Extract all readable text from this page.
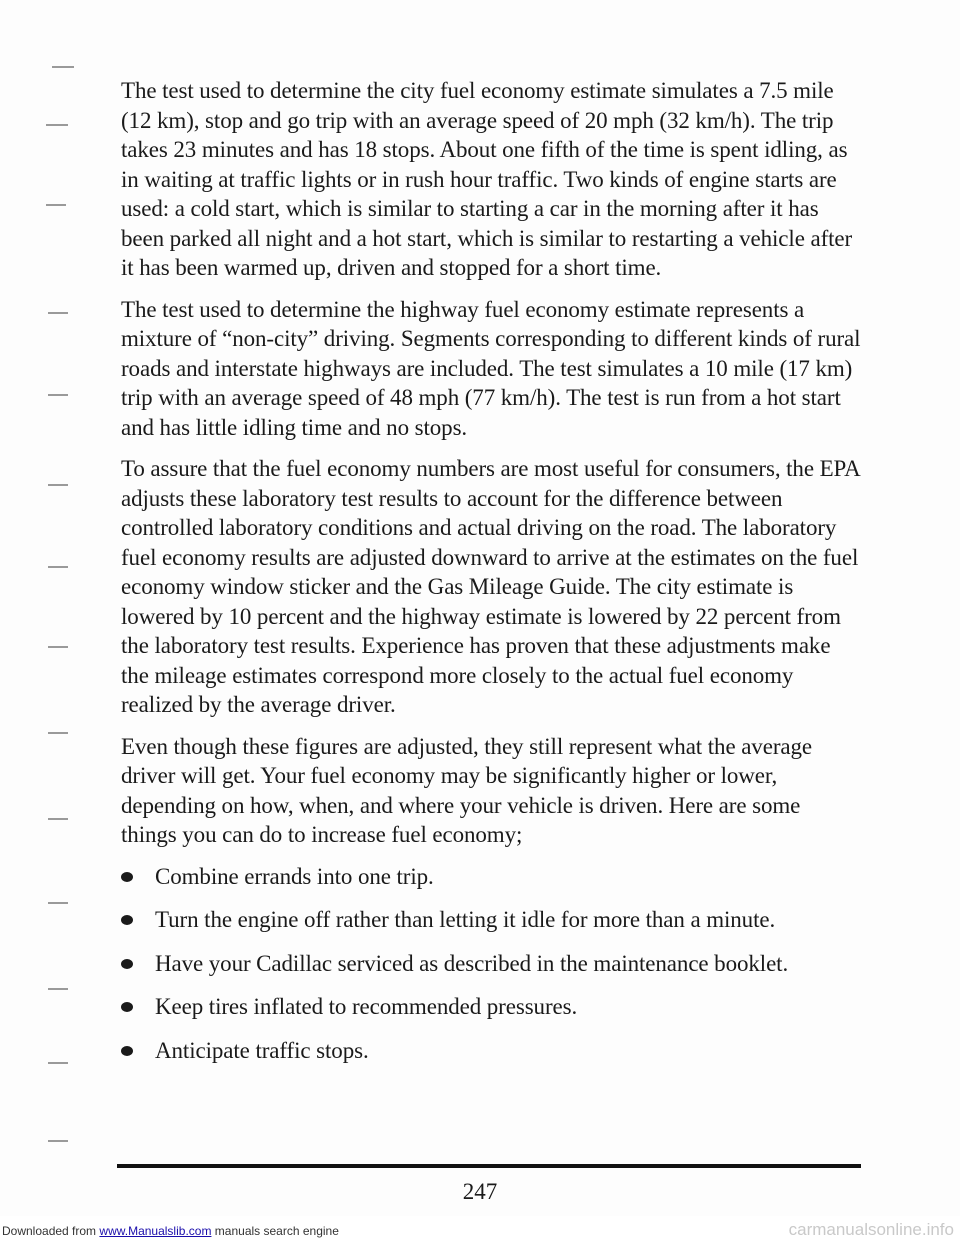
The test used to determine the city fuel economy estimate simulates a 7.5 mile (12 km), stop and go trip with an average speed of 20 mph (32 km/h). The trip takes 23 minutes and has 18 stops. About one fifth of the time is spent idling, as in waiting at traffic lights or in rush hour traffic. Two kinds of engine starts are used: a cold start, which is similar to starting a car in the morning after it has been parked all night and a hot start, which is similar to restarting a vehicle after it has been warmed up, driven and stopped for a short time.

The test used to determine the highway fuel economy estimate represents a mixture of “non-city” driving. Segments corresponding to different kinds of rural roads and interstate highways are included. The test simulates a 10 mile (17 km) trip with an average speed of 48 mph (77 km/h). The test is run from a hot start and has little idling time and no stops.

To assure that the fuel economy numbers are most useful for consumers, the EPA adjusts these laboratory test results to account for the difference between controlled laboratory conditions and actual driving on the road. The laboratory fuel economy results are adjusted downward to arrive at the estimates on the fuel economy window sticker and the Gas Mileage Guide. The city estimate is lowered by 10 percent and the highway estimate is lowered by 22 percent from the laboratory test results. Experience has proven that these adjustments make the mileage estimates correspond more closely to the actual fuel economy realized by the average driver.

Even though these figures are adjusted, they still represent what the average driver will get. Your fuel economy may be significantly higher or lower, depending on how, when, and where your vehicle is driven. Here are some things you can do to increase fuel economy;

Combine errands into one trip.
Turn the engine off rather than letting it idle for more than a minute.
Have your Cadillac serviced as described in the maintenance booklet.
Keep tires inflated to recommended pressures.
Anticipate traffic stops.
247
Downloaded from www.Manualslib.com manuals search engine	carmanualsonline.info
